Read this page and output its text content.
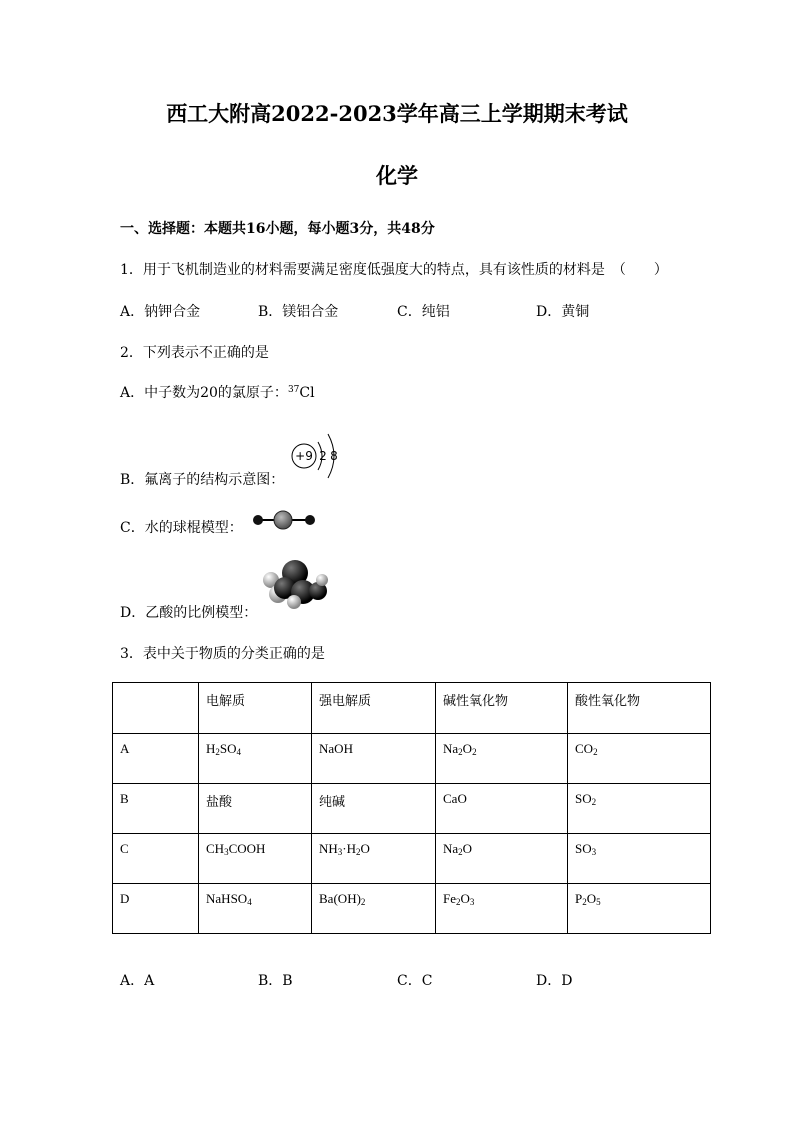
西工大附高2022-2023学年高三上学期期末考试
化学
一、选择题：本题共16小题，每小题3分，共48分
1．用于飞机制造业的材料需要满足密度低强度大的特点，具有该性质的材料是　（　　）
A．钠钾合金	B．镁铝合金	C．纯铝	D．黄铜
2．下列表示不正确的是
A．中子数为20的氯原子：$^{37}$Cl
+9 2 8
B．氟离子的结构示意图：
C．水的球棍模型：
D．乙酸的比例模型：
3．表中关于物质的分类正确的是
	电解质	强电解质	碱性氧化物	酸性氧化物
A	$H_2SO_4$	NaOH	$Na_2O_2$	$CO_2$
B	盐酸	纯碱	CaO	$SO_2$
C	$CH_3COOH$	$NH_3\cdot H_2O$	$Na_2O$	$SO_3$
D	NaHSO$_4$	$Ba(OH)_2$	$Fe_2O_3$	$P_2O_5$
A．A	B．B	C．C	D．D
